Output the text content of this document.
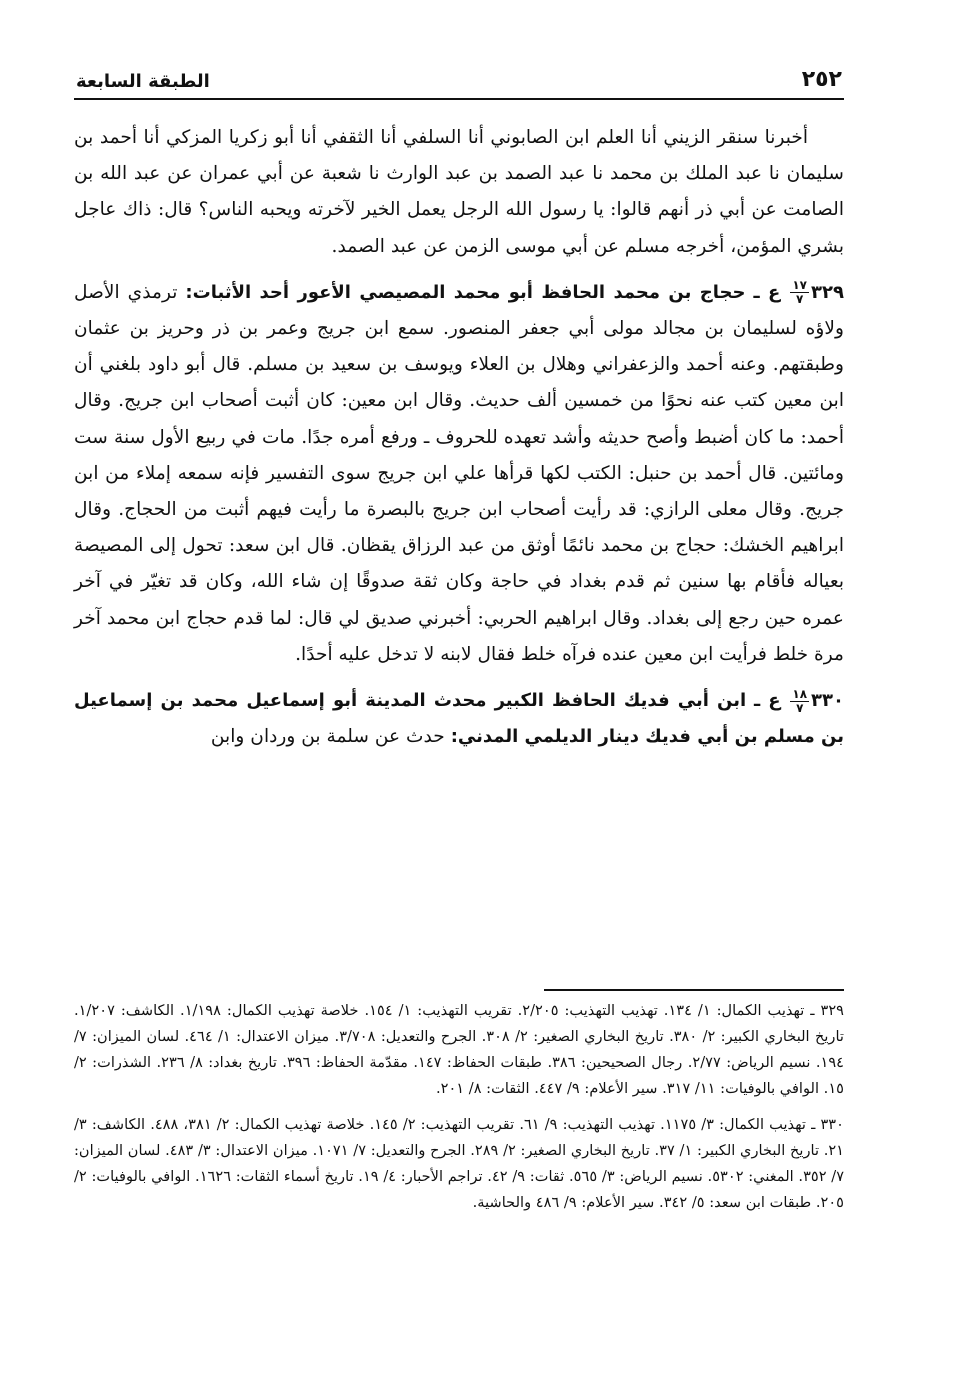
٢٥٢
الطبقة السابعة

أخبرنا سنقر الزيني أنا العلم ابن الصابوني أنا السلفي أنا الثقفي أنا أبو زكريا المزكي أنا أحمد بن سليمان نا عبد الملك بن محمد نا عبد الصمد بن عبد الوارث نا شعبة عن أبي عمران عن عبد الله بن الصامت عن أبي ذر أنهم قالوا: يا رسول الله الرجل يعمل الخير لآخرته ويحبه الناس؟ قال: ذاك عاجل بشري المؤمن، أخرجه مسلم عن أبي موسى الزمن عن عبد الصمد.

٣٢٩
$\frac{١٧}{٧}$
ع ـ حجاج بن محمد الحافظ أبو محمد المصيصي الأعور أحد الأثبات: ترمذي الأصل ولاؤه لسليمان بن مجالد مولى أبي جعفر المنصور. سمع ابن جريج وعمر بن ذر وحريز بن عثمان وطبقتهم. وعنه أحمد والزعفراني وهلال بن العلاء ويوسف بن سعيد بن مسلم. قال أبو داود بلغني أن ابن معين كتب عنه نحوًا من خمسين ألف حديث. وقال ابن معين: كان أثبت أصحاب ابن جريج. وقال أحمد: ما كان أضبط وأصح حديثه وأشد تعهده للحروف ـ ورفع أمره جدًا. مات في ربيع الأول سنة ست ومائتين. قال أحمد بن حنبل: الكتب لكها قرأها علي ابن جريج سوى التفسير فإنه سمعه إملاء من ابن جريج. وقال معلى الرازي: قد رأيت أصحاب ابن جريج بالبصرة ما رأيت فيهم أثبت من الحجاج. وقال ابراهيم الخشك: حجاج بن محمد نائمًا أوثق من عبد الرزاق يقظان. قال ابن سعد: تحول إلى المصيصة بعياله فأقام بها سنين ثم قدم بغداد في حاجة وكان ثقة صدوقًا إن شاء الله، وكان قد تغيّر في آخر عمره حين رجع إلى بغداد. وقال ابراهيم الحربي: أخبرني صديق لي قال: لما قدم حجاج ابن محمد آخر مرة خلط فرأيت ابن معين عنده فرآه خلط فقال لابنه لا تدخل عليه أحدًا.

٣٣٠
$\frac{١٨}{٧}$
ع ـ ابن أبي فديك الحافظ الكبير محدث المدينة أبو إسماعيل محمد بن إسماعيل بن مسلم بن أبي فديك دينار الديلمي المدني: حدث عن سلمة بن وردان وابن

٣٢٩ ـ تهذيب الكمال: ١/ ١٣٤. تهذيب التهذيب: ٢/٢٠٥. تقريب التهذيب: ١/ ١٥٤. خلاصة تهذيب الكمال: ١/١٩٨. الكاشف: ١/٢٠٧. تاريخ البخاري الكبير: ٢/ ٣٨٠. تاريخ البخاري الصغير: ٢/ ٣٠٨. الجرح والتعديل: ٣/٧٠٨. ميزان الاعتدال: ١/ ٤٦٤. لسان الميزان: ٧/ ١٩٤. نسيم الرياض: ٢/٧٧. رجال الصحيحين: ٣٨٦. طبقات الحفاظ: ١٤٧. مقدّمة الحفاظ: ٣٩٦. تاريخ بغداد: ٨/ ٢٣٦. الشذرات: ٢/ ١٥. الوافي بالوفيات: ١١/ ٣١٧. سير الأعلام: ٩/ ٤٤٧. الثقات: ٨/ ٢٠١.

٣٣٠ ـ تهذيب الكمال: ٣/ ١١٧٥. تهذيب التهذيب: ٩/ ٦١. تقريب التهذيب: ٢/ ١٤٥. خلاصة تهذيب الكمال: ٢/ ٣٨١، ٤٨٨. الكاشف: ٣/ ٢١. تاريخ البخاري الكبير: ١/ ٣٧. تاريخ البخاري الصغير: ٢/ ٢٨٩. الجرح والتعديل: ٧/ ١٠٧١. ميزان الاعتدال: ٣/ ٤٨٣. لسان الميزان: ٧/ ٣٥٢. المغني: ٥٣٠٢. نسيم الرياض: ٣/ ٥٦٥. ثقات: ٩/ ٤٢. تراجم الأحبار: ٤/ ١٩. تاريخ أسماء الثقات: ١٦٢٦. الوافي بالوفيات: ٢/ ٢٠٥. طبقات ابن سعد: ٥/ ٣٤٢. سير الأعلام: ٩/ ٤٨٦ والحاشية.
